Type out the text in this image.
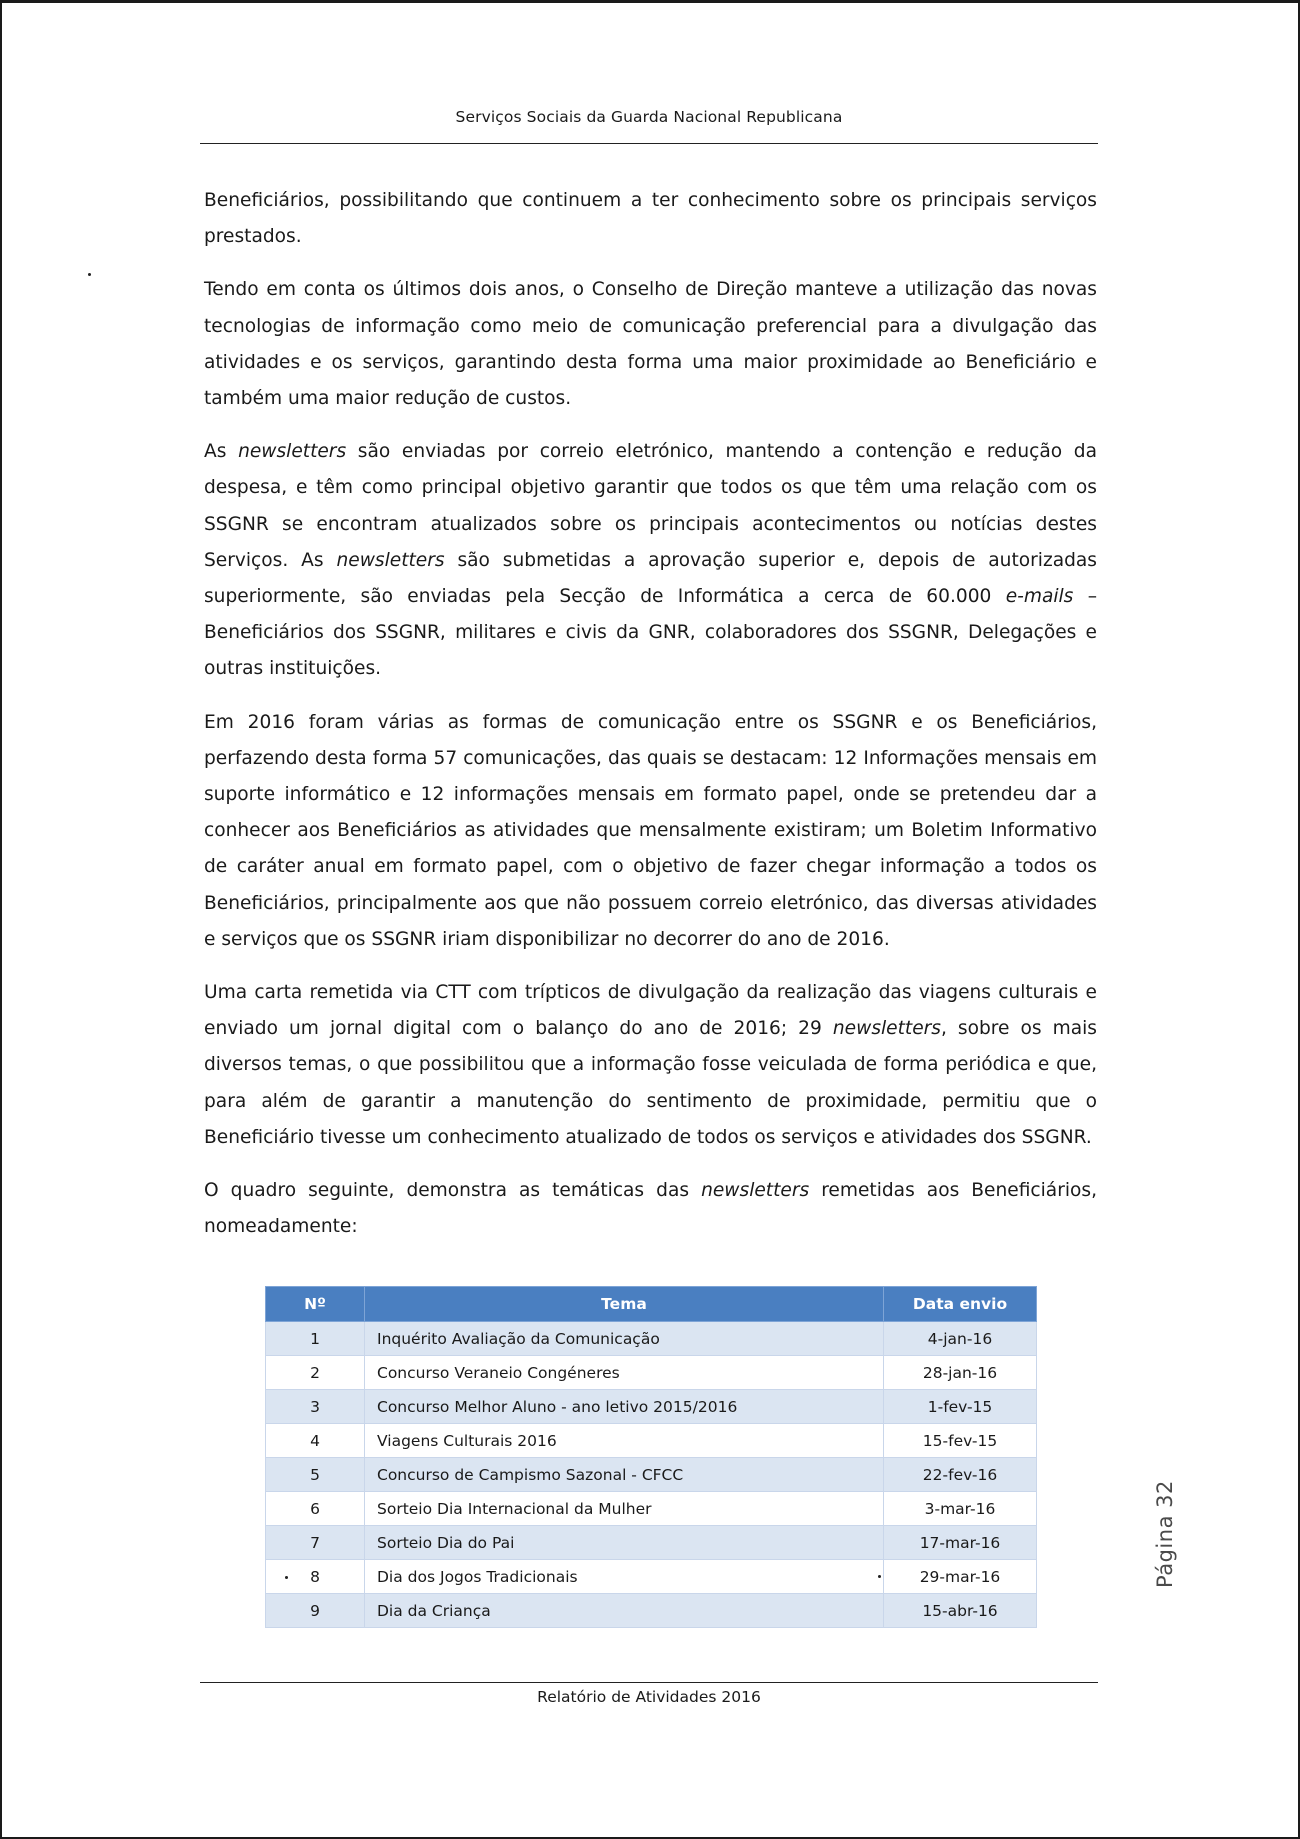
Serviços Sociais da Guarda Nacional Republicana

Beneficiários, possibilitando que continuem a ter conhecimento sobre os principais serviços prestados.

Tendo em conta os últimos dois anos, o Conselho de Direção manteve a utilização das novas tecnologias de informação como meio de comunicação preferencial para a divulgação das atividades e os serviços, garantindo desta forma uma maior proximidade ao Beneficiário e também uma maior redução de custos.

As newsletters são enviadas por correio eletrónico, mantendo a contenção e redução da despesa, e têm como principal objetivo garantir que todos os que têm uma relação com os SSGNR se encontram atualizados sobre os principais acontecimentos ou notícias destes Serviços. As newsletters são submetidas a aprovação superior e, depois de autorizadas superiormente, são enviadas pela Secção de Informática a cerca de 60.000 e-mails – Beneficiários dos SSGNR, militares e civis da GNR, colaboradores dos SSGNR, Delegações e outras instituições.

Em 2016 foram várias as formas de comunicação entre os SSGNR e os Beneficiários, perfazendo desta forma 57 comunicações, das quais se destacam: 12 Informações mensais em suporte informático e 12 informações mensais em formato papel, onde se pretendeu dar a conhecer aos Beneficiários as atividades que mensalmente existiram; um Boletim Informativo de caráter anual em formato papel, com o objetivo de fazer chegar informação a todos os Beneficiários, principalmente aos que não possuem correio eletrónico, das diversas atividades e serviços que os SSGNR iriam disponibilizar no decorrer do ano de 2016.

Uma carta remetida via CTT com trípticos de divulgação da realização das viagens culturais e enviado um jornal digital com o balanço do ano de 2016; 29 newsletters, sobre os mais diversos temas, o que possibilitou que a informação fosse veiculada de forma periódica e que, para além de garantir a manutenção do sentimento de proximidade, permitiu que o Beneficiário tivesse um conhecimento atualizado de todos os serviços e atividades dos SSGNR.

O quadro seguinte, demonstra as temáticas das newsletters remetidas aos Beneficiários, nomeadamente:

Nº	Tema	Data envio
1	Inquérito Avaliação da Comunicação	4-jan-16
2	Concurso Veraneio Congéneres	28-jan-16
3	Concurso Melhor Aluno - ano letivo 2015/2016	1-fev-15
4	Viagens Culturais 2016	15-fev-15
5	Concurso de Campismo Sazonal - CFCC	22-fev-16
6	Sorteio Dia Internacional da Mulher	3-mar-16
7	Sorteio Dia do Pai	17-mar-16
8	Dia dos Jogos Tradicionais	29-mar-16
9	Dia da Criança	15-abr-16
Página 32
Relatório de Atividades 2016
